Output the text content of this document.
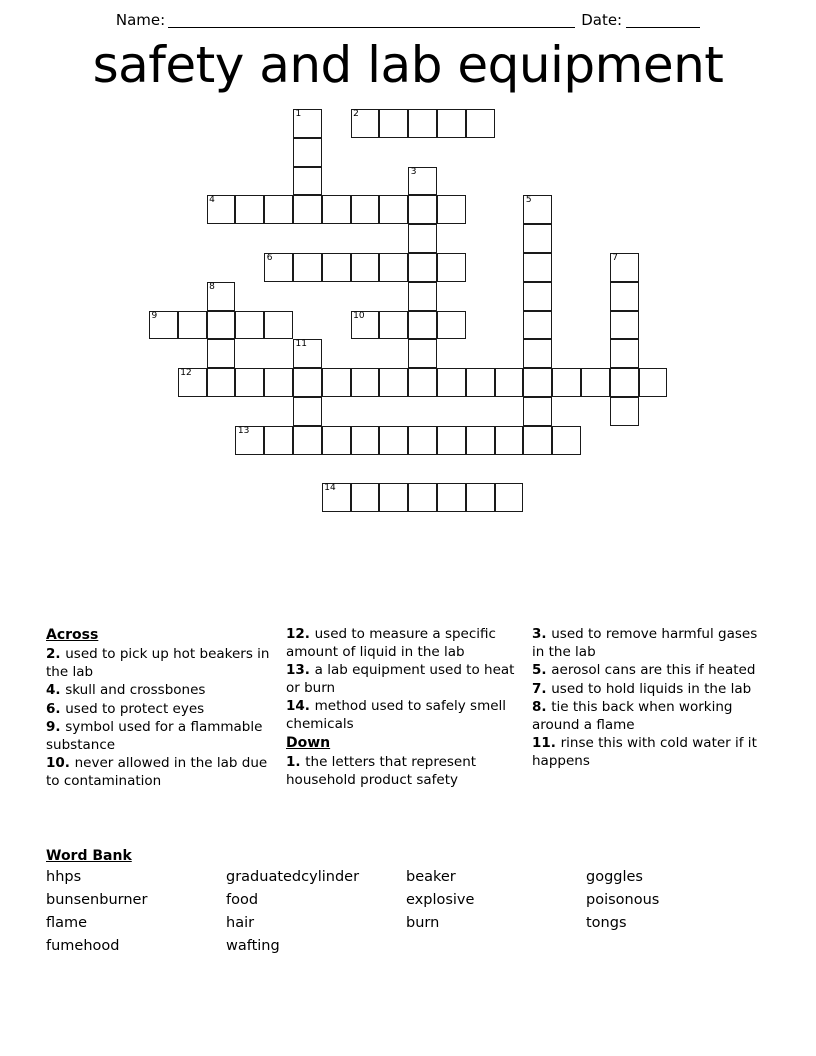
Name:	Date:
safety and lab equipment
1	2
3
4	5
6	7
8
9	10
11
12
13
14
Across
2. used to pick up hot beakers in the lab
4. skull and crossbones
6. used to protect eyes
9. symbol used for a flammable substance
10. never allowed in the lab due to contamination
12. used to measure a specific amount of liquid in the lab
13. a lab equipment used to heat or burn
14. method used to safely smell chemicals
Down
1. the letters that represent household product safety
3. used to remove harmful gases in the lab
5. aerosol cans are this if heated
7. used to hold liquids in the lab
8. tie this back when working around a flame
11. rinse this with cold water if it happens
Word Bank
hhps	graduatedcylinder	beaker	goggles
bunsenburner	food	explosive	poisonous
flame	hair	burn	tongs
fumehood	wafting
